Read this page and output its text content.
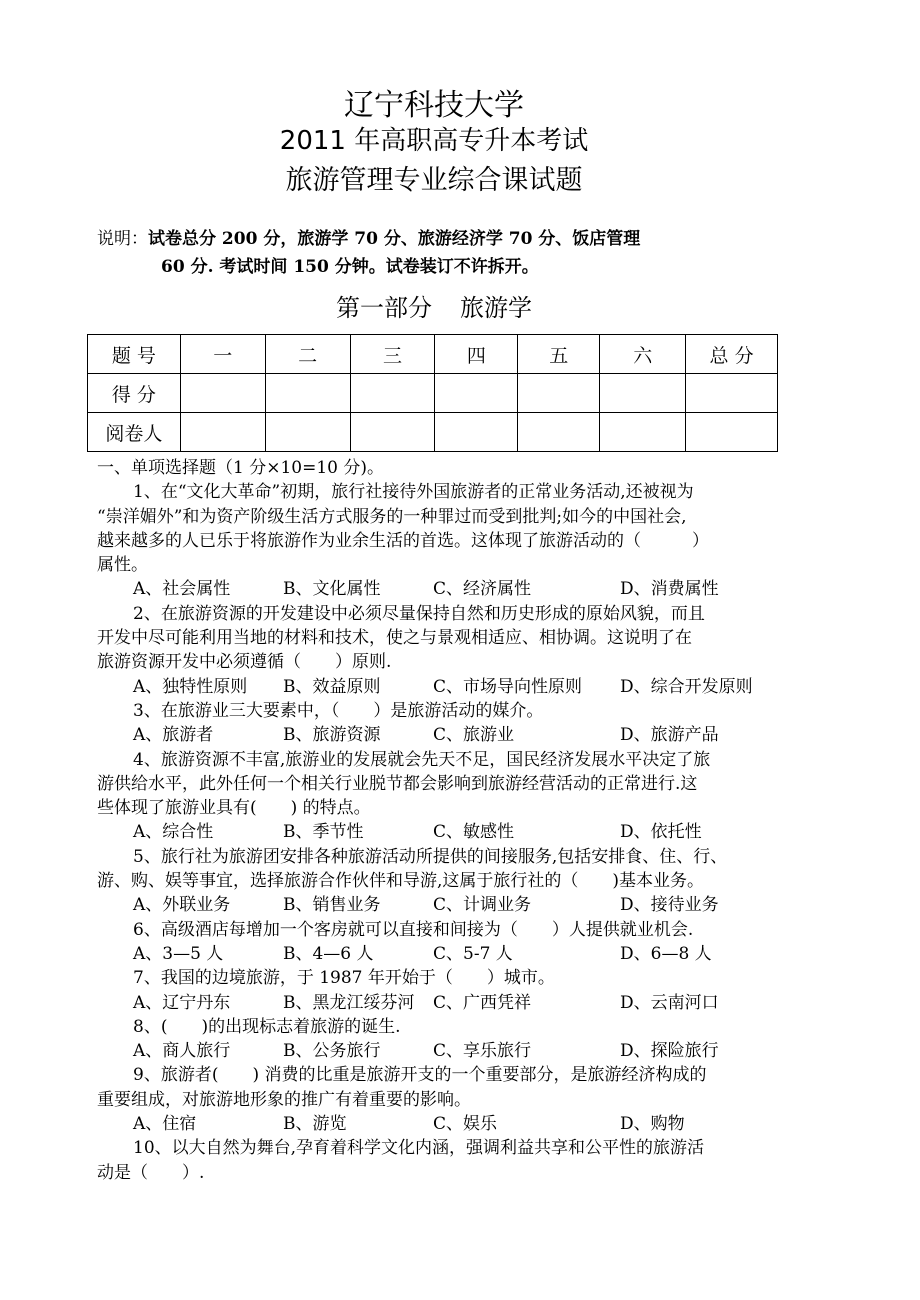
辽宁科技大学
2011 年高职高专升本考试
旅游管理专业综合课试题
说明：试卷总分 200 分，旅游学 70 分、旅游经济学 70 分、饭店管理
60 分. 考试时间 150 分钟。试卷装订不许拆开。
第一部分 旅游学
题 号	一	二	三	四	五	六	总 分
得 分							
阅卷人							
一、单项选择题（1 分×10=10 分)。
1、在“文化大革命”初期，旅行社接待外国旅游者的正常业务活动,还被视为
“崇洋媚外”和为资产阶级生活方式服务的一种罪过而受到批判;如今的中国社会,
越来越多的人已乐于将旅游作为业余生活的首选。这体现了旅游活动的（　　　）
属性。
A、社会属性	B、文化属性	C、经济属性	D、消费属性
2、在旅游资源的开发建设中必须尽量保持自然和历史形成的原始风貌，而且
开发中尽可能利用当地的材料和技术，使之与景观相适应、相协调。这说明了在
旅游资源开发中必须遵循（　　）原则.
A、独特性原则 B、效益原则	C、市场导向性原则 D、综合开发原则
3、在旅游业三大要素中，（　　）是旅游活动的媒介。
A、旅游者	B、旅游资源	C、旅游业	D、旅游产品
4、旅游资源不丰富,旅游业的发展就会先天不足，国民经济发展水平决定了旅
游供给水平，此外任何一个相关行业脱节都会影响到旅游经营活动的正常进行.这
些体现了旅游业具有(　　) 的特点。
A、综合性	B、季节性	C、敏感性	D、依托性
5、旅行社为旅游团安排各种旅游活动所提供的间接服务,包括安排食、住、行、
游、购、娱等事宜，选择旅游合作伙伴和导游,这属于旅行社的（　　)基本业务。
A、外联业务	B、销售业务	C、计调业务	D、接待业务
6、高级酒店每增加一个客房就可以直接和间接为（　　）人提供就业机会.
A、3—5 人	B、4—6 人	C、5-7 人	D、6—8 人
7、我国的边境旅游，于 1987 年开始于（　　）城市。
A、辽宁丹东	B、黑龙江绥芬河 C、广西凭祥	D、云南河口
8、(　　)的出现标志着旅游的诞生.
A、商人旅行	B、公务旅行	C、享乐旅行	D、探险旅行
9、旅游者(　　) 消费的比重是旅游开支的一个重要部分，是旅游经济构成的
重要组成，对旅游地形象的推广有着重要的影响。
A、住宿	B、游览	C、娱乐	D、购物
10、以大自然为舞台,孕育着科学文化内涵，强调利益共享和公平性的旅游活
动是（　　）.
